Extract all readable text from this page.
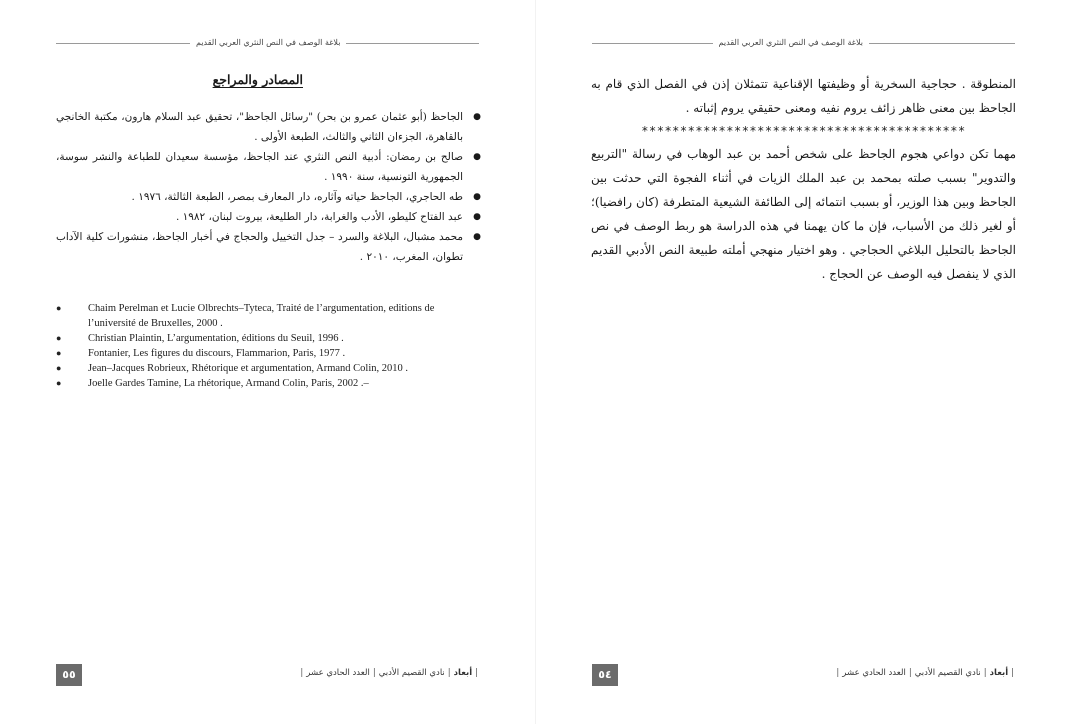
بلاغة الوصف في النص النثري العربي القديم
المصادر والمراجع
●
الجاحظ (أبو عثمان عمرو بن بحر) "رسائل الجاحظ"، تحقيق عبد السلام هارون، مكتبة الخانجي بالقاهرة، الجزءان الثاني والثالث، الطبعة الأولى .
●
صالح بن رمضان: أدبية النص النثري عند الجاحظ، مؤسسة سعيدان للطباعة والنشر سوسة، الجمهورية التونسية، سنة ١٩٩٠ .
●
طه الحاجري، الجاحظ حياته وآثاره، دار المعارف بمصر، الطبعة الثالثة، ١٩٧٦ .
●
عبد الفتاح كليطو، الأدب والغرابة، دار الطليعة، بيروت لبنان، ١٩٨٢ .
●
محمد مشبال، البلاغة والسرد – جدل التخييل والحجاج في أخبار الجاحظ، منشورات كلية الآداب تطوان، المغرب، ٢٠١٠ .
●	Chaim Perelman et Lucie Olbrechts–Tyteca, Traité de l’argumentation, editions de l’université de Bruxelles, 2000 .
●	Christian Plaintin, L’argumentation, éditions du Seuil, 1996 .
●	Fontanier, Les figures du discours, Flammarion, Paris, 1977 .
●	Jean–Jacques Robrieux, Rhétorique et argumentation, Armand Colin, 2010 .
●	Joelle Gardes Tamine, La rhétorique, Armand Colin, Paris, 2002 .–
٥٥	|أبعاد|نادي القصيم الأدبي|العدد الحادي عشر|
بلاغة الوصف في النص النثري العربي القديم

المنطوقة . حجاجية السخرية أو وظيفتها الإقناعية تتمثلان إذن في الفصل الذي قام به الجاحظ بين معنى ظاهر زائف يروم نفيه ومعنى حقيقي يروم إثباته .

******************************************

مهما تكن دواعي هجوم الجاحظ على شخص أحمد بن عبد الوهاب في رسالة "التربيع والتدوير" بسبب صلته بمحمد بن عبد الملك الزيات في أثناء الفجوة التي حدثت بين الجاحظ وبين هذا الوزير، أو بسبب انتمائه إلى الطائفة الشيعية المتطرفة (كان رافضيا)؛ أو لغير ذلك من الأسباب، فإن ما كان يهمنا في هذه الدراسة هو ربط الوصف في نص الجاحظ بالتحليل البلاغي الحجاجي . وهو اختيار منهجي أملته طبيعة النص الأدبي القديم الذي لا ينفصل فيه الوصف عن الحجاج .

٥٤	|أبعاد|نادي القصيم الأدبي|العدد الحادي عشر|
